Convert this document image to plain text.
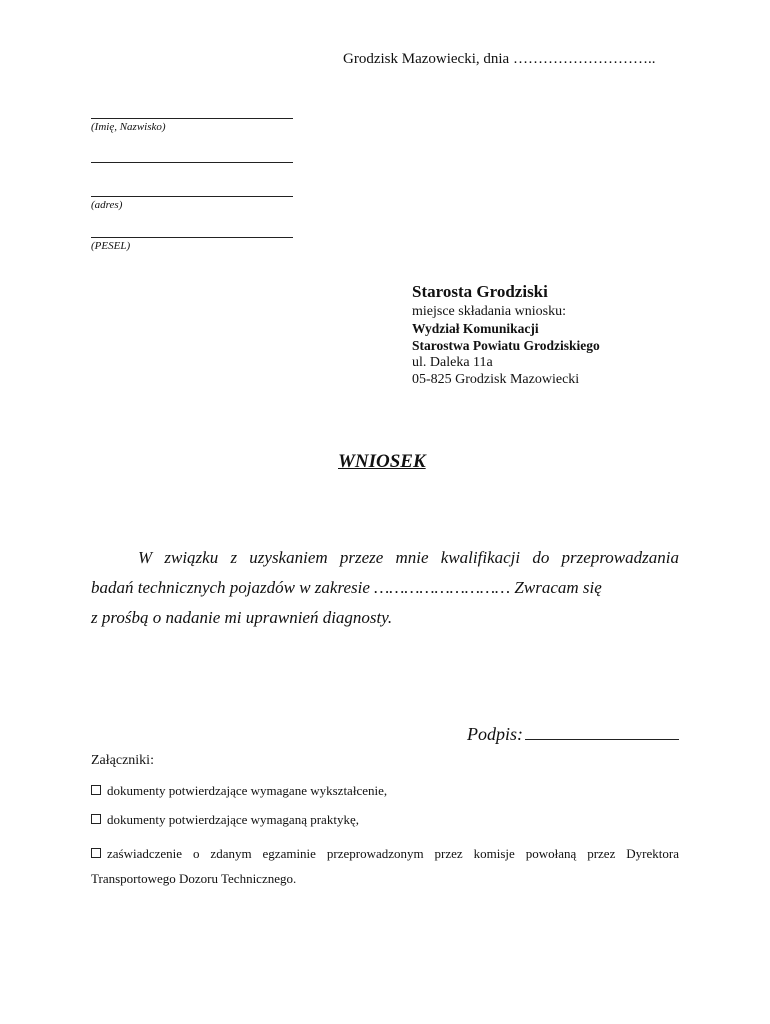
Grodzisk Mazowiecki, dnia ………………………..
(Imię, Nazwisko)
(adres)
(PESEL)
Starosta Grodziski
miejsce składania wniosku:
Wydział Komunikacji
Starostwa Powiatu Grodziskiego
ul. Daleka 11a
05-825 Grodzisk Mazowiecki
WNIOSEK
W związku z uzyskaniem przeze mnie kwalifikacji do przeprowadzania
badań technicznych pojazdów w zakresie ……………………… Zwracam się
z prośbą o nadanie mi uprawnień diagnosty.
Podpis:
Załączniki:
dokumenty potwierdzające wymagane wykształcenie,
dokumenty potwierdzające wymaganą praktykę,
zaświadczenie o zdanym egzaminie przeprowadzonym przez komisje powołaną przez Dyrektora Transportowego Dozoru Technicznego.
